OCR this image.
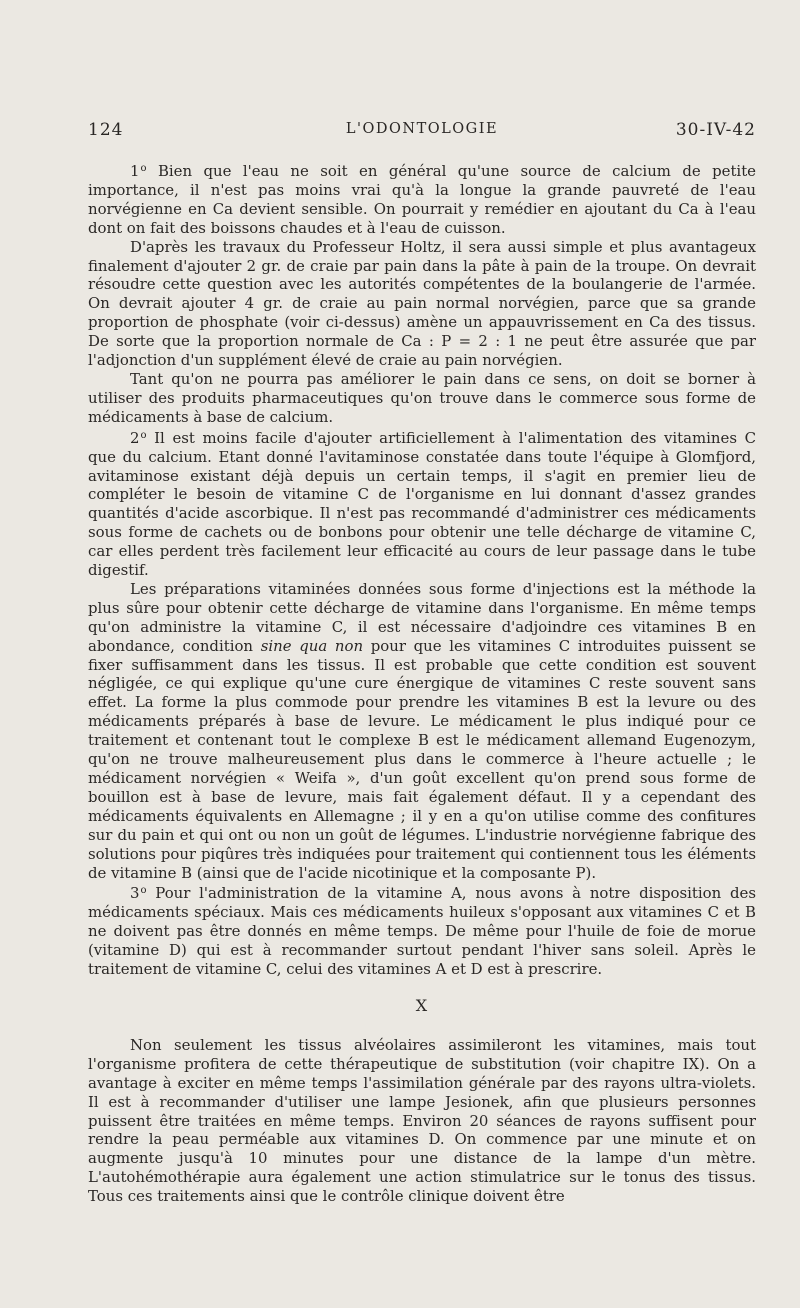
124	L'ODONTOLOGIE	30-IV-42

1$^o$ Bien que l'eau ne soit en général qu'une source de calcium de petite importance, il n'est pas moins vrai qu'à la longue la grande pauvreté de l'eau norvégienne en Ca devient sensible. On pourrait y remédier en ajoutant du Ca à l'eau dont on fait des boissons chaudes et à l'eau de cuisson.

D'après les travaux du Professeur Holtz, il sera aussi simple et plus avantageux finalement d'ajouter 2 gr. de craie par pain dans la pâte à pain de la troupe. On devrait résoudre cette question avec les autorités compétentes de la boulangerie de l'armée. On devrait ajouter 4 gr. de craie au pain normal norvégien, parce que sa grande proportion de phosphate (voir ci-dessus) amène un appauvrissement en Ca des tissus. De sorte que la proportion normale de Ca : P = 2 : 1 ne peut être assurée que par l'adjonction d'un supplément élevé de craie au pain norvégien.

Tant qu'on ne pourra pas améliorer le pain dans ce sens, on doit se borner à utiliser des produits pharmaceutiques qu'on trouve dans le commerce sous forme de médicaments à base de calcium.

2$^o$ Il est moins facile d'ajouter artificiellement à l'alimentation des vitamines C que du calcium. Etant donné l'avitaminose constatée dans toute l'équipe à Glomfjord, avitaminose existant déjà depuis un certain temps, il s'agit en premier lieu de compléter le besoin de vitamine C de l'organisme en lui donnant d'assez grandes quantités d'acide ascorbique. Il n'est pas recommandé d'administrer ces médicaments sous forme de cachets ou de bonbons pour obtenir une telle décharge de vitamine C, car elles perdent très facilement leur efficacité au cours de leur passage dans le tube digestif.

Les préparations vitaminées données sous forme d'injections est la méthode la plus sûre pour obtenir cette décharge de vitamine dans l'organisme. En même temps qu'on administre la vitamine C, il est nécessaire d'adjoindre ces vitamines B en abondance, condition sine qua non pour que les vitamines C introduites puissent se fixer suffisamment dans les tissus. Il est probable que cette condition est souvent négligée, ce qui explique qu'une cure énergique de vitamines C reste souvent sans effet. La forme la plus commode pour prendre les vitamines B est la levure ou des médicaments préparés à base de levure. Le médicament le plus indiqué pour ce traitement et contenant tout le complexe B est le médicament allemand Eugenozym, qu'on ne trouve malheureusement plus dans le commerce à l'heure actuelle ; le médicament norvégien « Weifa », d'un goût excellent qu'on prend sous forme de bouillon est à base de levure, mais fait également défaut. Il y a cependant des médicaments équivalents en Allemagne ; il y en a qu'on utilise comme des confitures sur du pain et qui ont ou non un goût de légumes. L'industrie norvégienne fabrique des solutions pour piqûres très indiquées pour traitement qui contiennent tous les éléments de vitamine B (ainsi que de l'acide nicotinique et la composante P).

3$^o$ Pour l'administration de la vitamine A, nous avons à notre disposition des médicaments spéciaux. Mais ces médicaments huileux s'opposant aux vitamines C et B ne doivent pas être donnés en même temps. De même pour l'huile de foie de morue (vitamine D) qui est à recommander surtout pendant l'hiver sans soleil. Après le traitement de vitamine C, celui des vitamines A et D est à prescrire.

X

Non seulement les tissus alvéolaires assimileront les vitamines, mais tout l'organisme profitera de cette thérapeutique de substitution (voir chapitre IX). On a avantage à exciter en même temps l'assimilation générale par des rayons ultra-violets. Il est à recommander d'utiliser une lampe Jesionek, afin que plusieurs personnes puissent être traitées en même temps. Environ 20 séances de rayons suffisent pour rendre la peau perméable aux vitamines D. On commence par une minute et on augmente jusqu'à 10 minutes pour une distance de la lampe d'un mètre. L'autohémothérapie aura également une action stimulatrice sur le tonus des tissus. Tous ces traitements ainsi que le contrôle clinique doivent être
